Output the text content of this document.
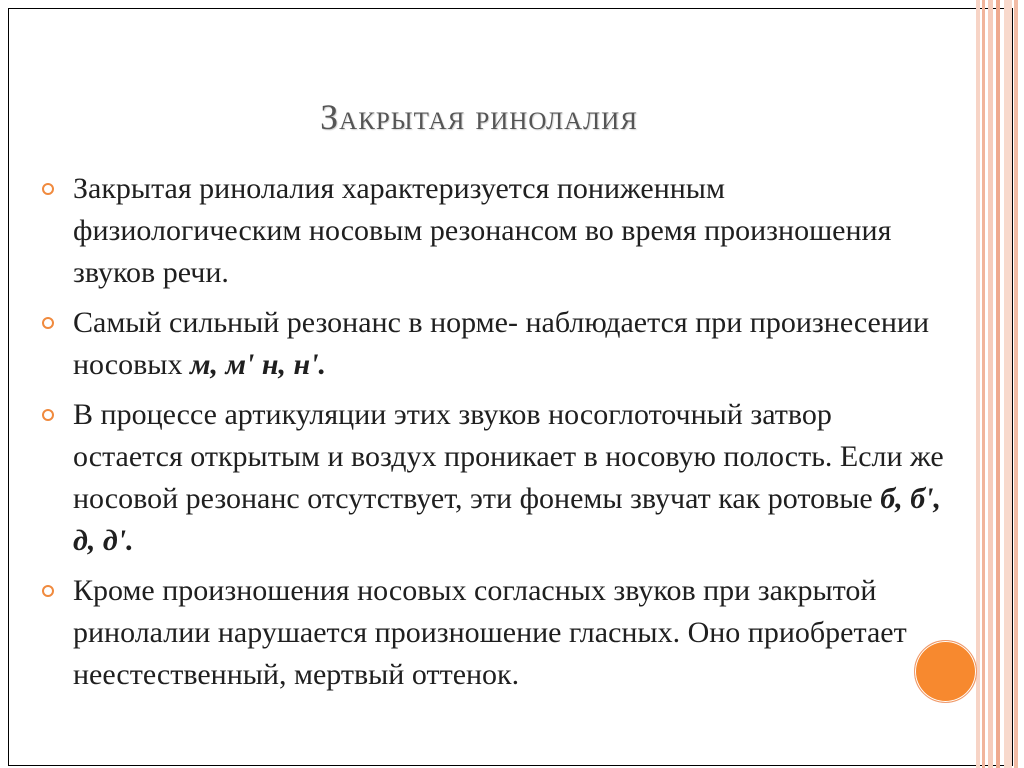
Закрытая ринолалия
Закрытая ринолалия характеризуется пониженным физиологическим носовым резонансом во время произношения звуков речи.
Самый сильный резонанс в норме- наблюдается при произнесении носовых м, м' н, н'.
В процессе артикуляции этих звуков носоглоточный затвор остается открытым и воздух проникает в носовую полость. Если же носовой резонанс отсутствует, эти фонемы звучат как ротовые б, б', д, д'.
Кроме произношения носовых согласных звуков при закрытой ринолалии нарушается произношение гласных. Оно приобретает неестественный, мертвый оттенок.
